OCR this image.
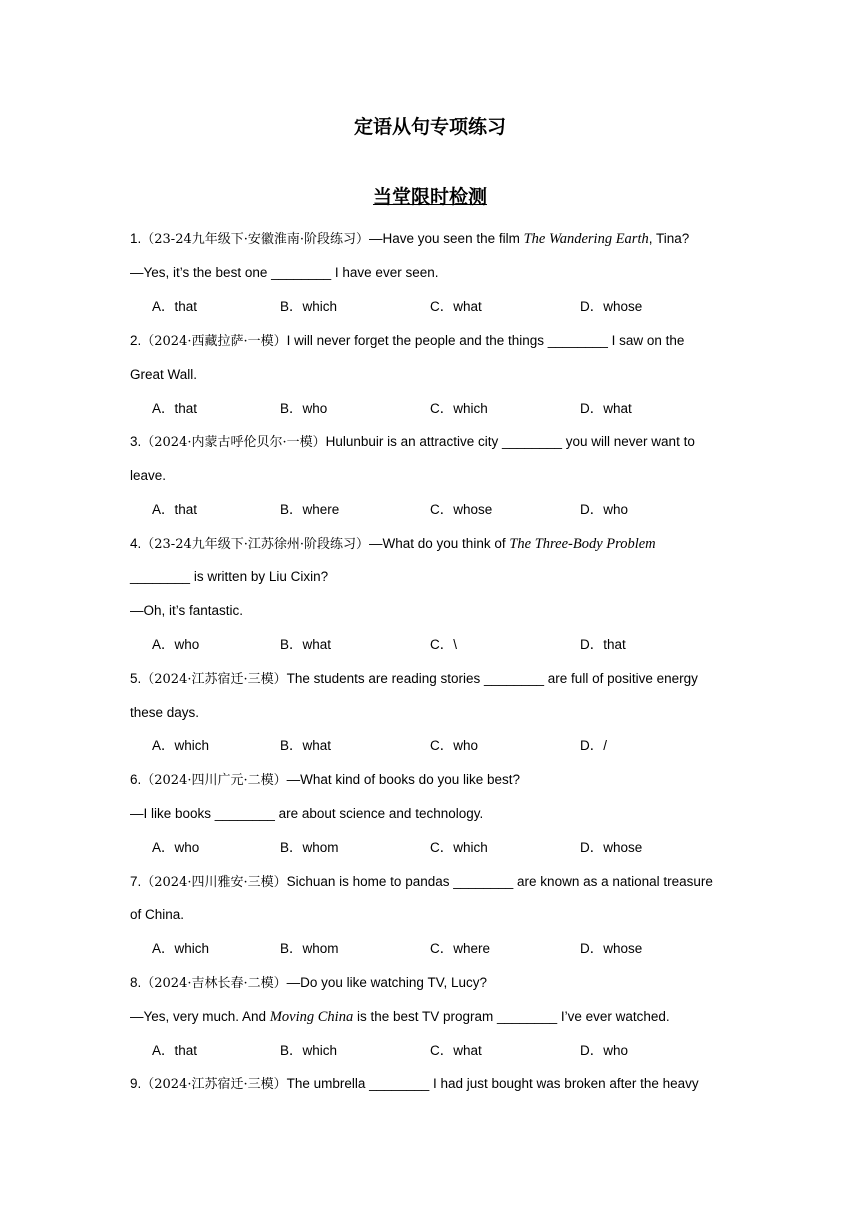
定语从句专项练习
当堂限时检测
1.（23-24九年级下·安徽淮南·阶段练习）—Have you seen the film The Wandering Earth, Tina?
—Yes, it’s the best one ________ I have ever seen.
A．that	B．which	C．what	D．whose
2.（2024·西藏拉萨·一模）I will never forget the people and the things ________ I saw on the
Great Wall.
A．that	B．who	C．which	D．what
3.（2024·内蒙古呼伦贝尔·一模）Hulunbuir is an attractive city ________ you will never want to
leave.
A．that	B．where	C．whose	D．who
4.（23-24九年级下·江苏徐州·阶段练习）—What do you think of The Three-Body Problem
________ is written by Liu Cixin?
—Oh, it’s fantastic.
A．who	B．what	C．\	D．that
5.（2024·江苏宿迁·三模）The students are reading stories ________ are full of positive energy
these days.
A．which	B．what	C．who	D．/
6.（2024·四川广元·二模）—What kind of books do you like best?
—I like books ________ are about science and technology.
A．who	B．whom	C．which	D．whose
7.（2024·四川雅安·三模）Sichuan is home to pandas ________ are known as a national treasure
of China.
A．which	B．whom	C．where	D．whose
8.（2024·吉林长春·二模）—Do you like watching TV, Lucy?
—Yes, very much. And Moving China is the best TV program ________ I’ve ever watched.
A．that	B．which	C．what	D．who
9.（2024·江苏宿迁·三模）The umbrella ________ I had just bought was broken after the heavy
